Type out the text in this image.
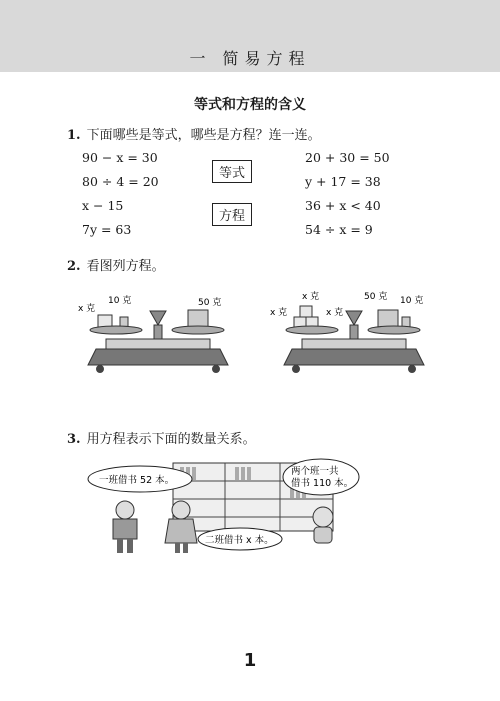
一 简易方程
等式和方程的含义
1. 下面哪些是等式，哪些是方程？连一连。
90 − x = 30
80 ÷ 4 = 20
x − 15
7y = 63
等式
方程
20 + 30 = 50
y + 17 = 38
36 + x < 40
54 ÷ x = 9
2. 看图列方程。
x 克
10 克	50 克
x 克
x 克
x 克
50 克 10 克
3. 用方程表示下面的数量关系。
一班借书 52 本。
二班借书 x 本。
两个班一共
借书 110 本。
1
